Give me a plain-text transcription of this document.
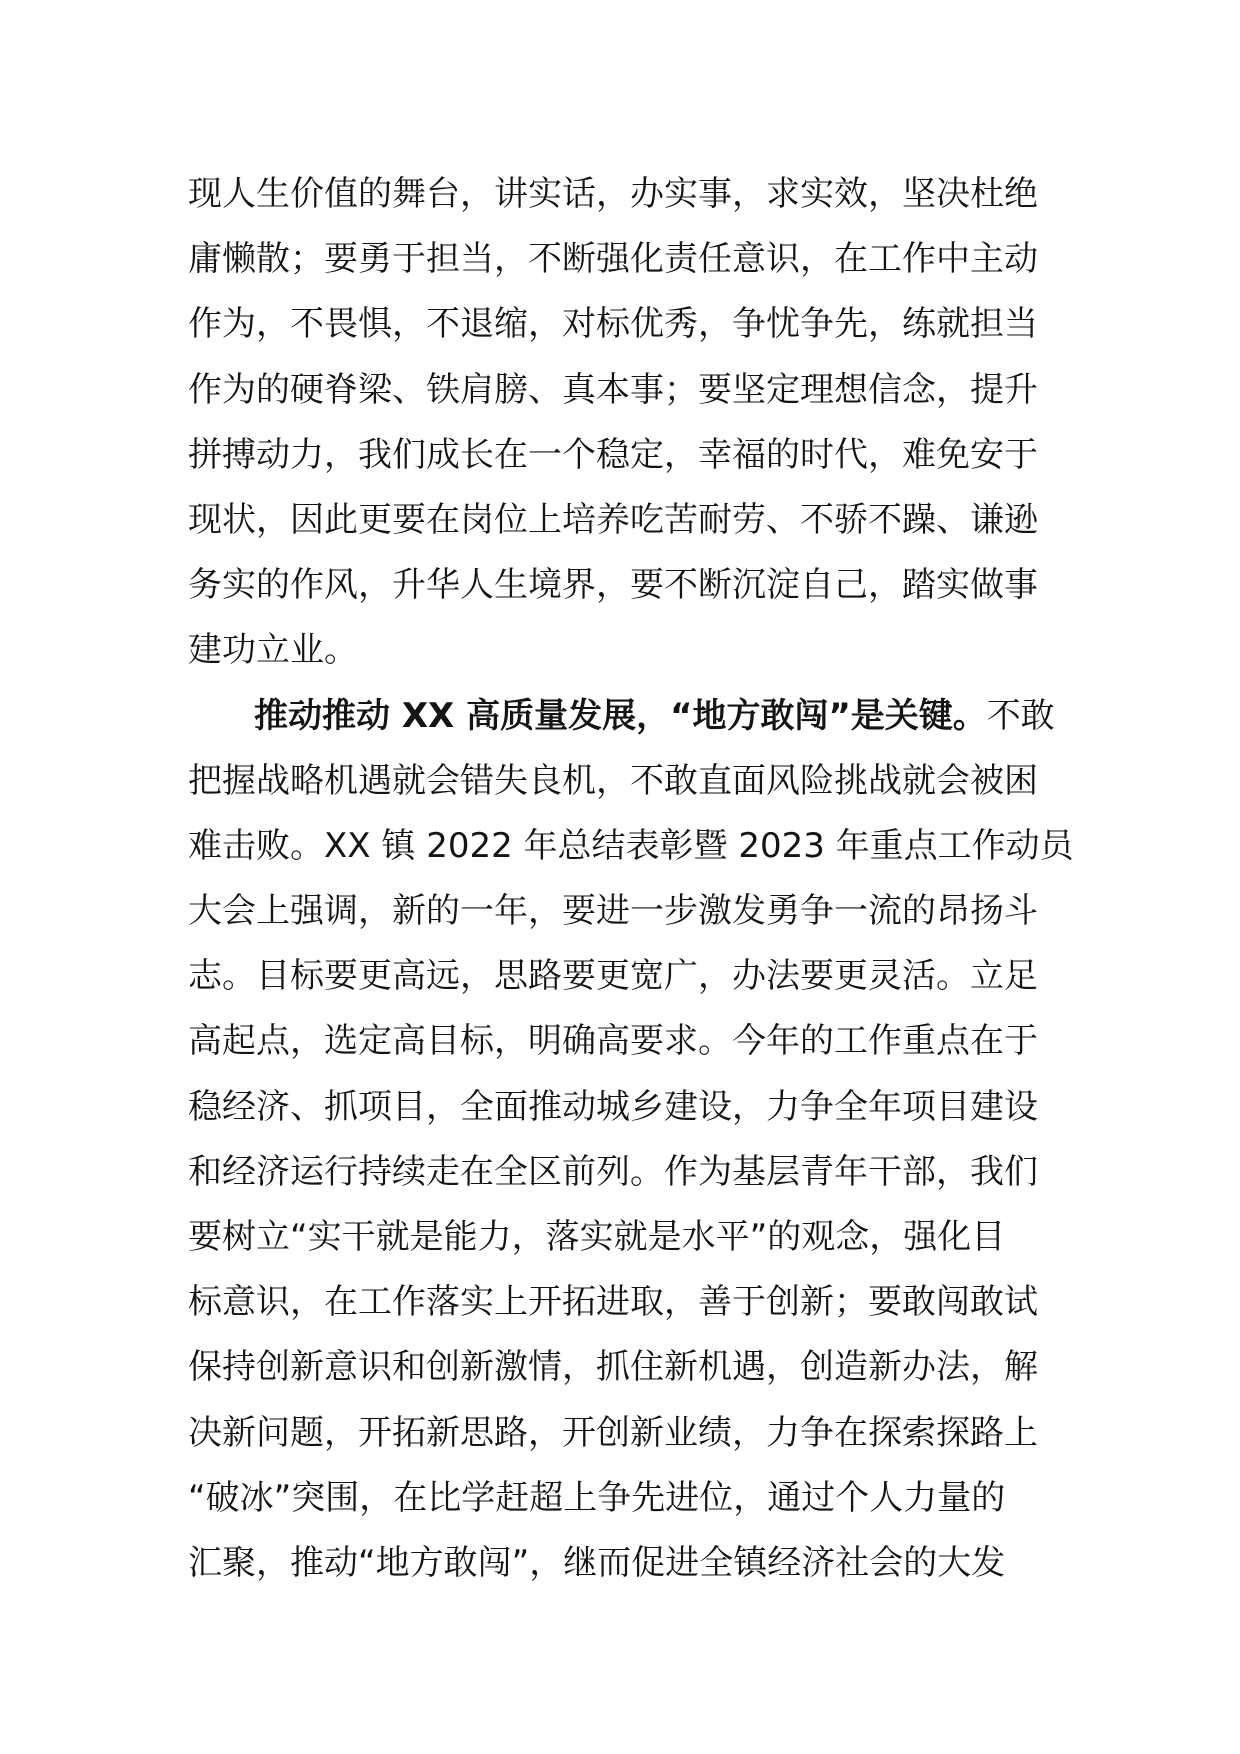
现人生价值的舞台，讲实话，办实事，求实效，坚决杜绝
庸懒散；要勇于担当，不断强化责任意识，在工作中主动
作为，不畏惧，不退缩，对标优秀，争忧争先，练就担当
作为的硬脊梁、铁肩膀、真本事；要坚定理想信念，提升
拼搏动力，我们成长在一个稳定，幸福的时代，难免安于
现状，因此更要在岗位上培养吃苦耐劳、不骄不躁、谦逊
务实的作风，升华人生境界，要不断沉淀自己，踏实做事
建功立业。
推动推动 XX 高质量发展，“地方敢闯”是关键。不敢
把握战略机遇就会错失良机，不敢直面风险挑战就会被困
难击败。XX 镇 2022 年总结表彰暨 2023 年重点工作动员
大会上强调，新的一年，要进一步激发勇争一流的昂扬斗
志。目标要更高远，思路要更宽广，办法要更灵活。立足
高起点，选定高目标，明确高要求。今年的工作重点在于
稳经济、抓项目，全面推动城乡建设，力争全年项目建设
和经济运行持续走在全区前列。作为基层青年干部，我们
要树立“实干就是能力，落实就是水平”的观念，强化目
标意识，在工作落实上开拓进取，善于创新；要敢闯敢试
保持创新意识和创新激情，抓住新机遇，创造新办法，解
决新问题，开拓新思路，开创新业绩，力争在探索探路上
“破冰”突围，在比学赶超上争先进位，通过个人力量的
汇聚，推动“地方敢闯”，继而促进全镇经济社会的大发
